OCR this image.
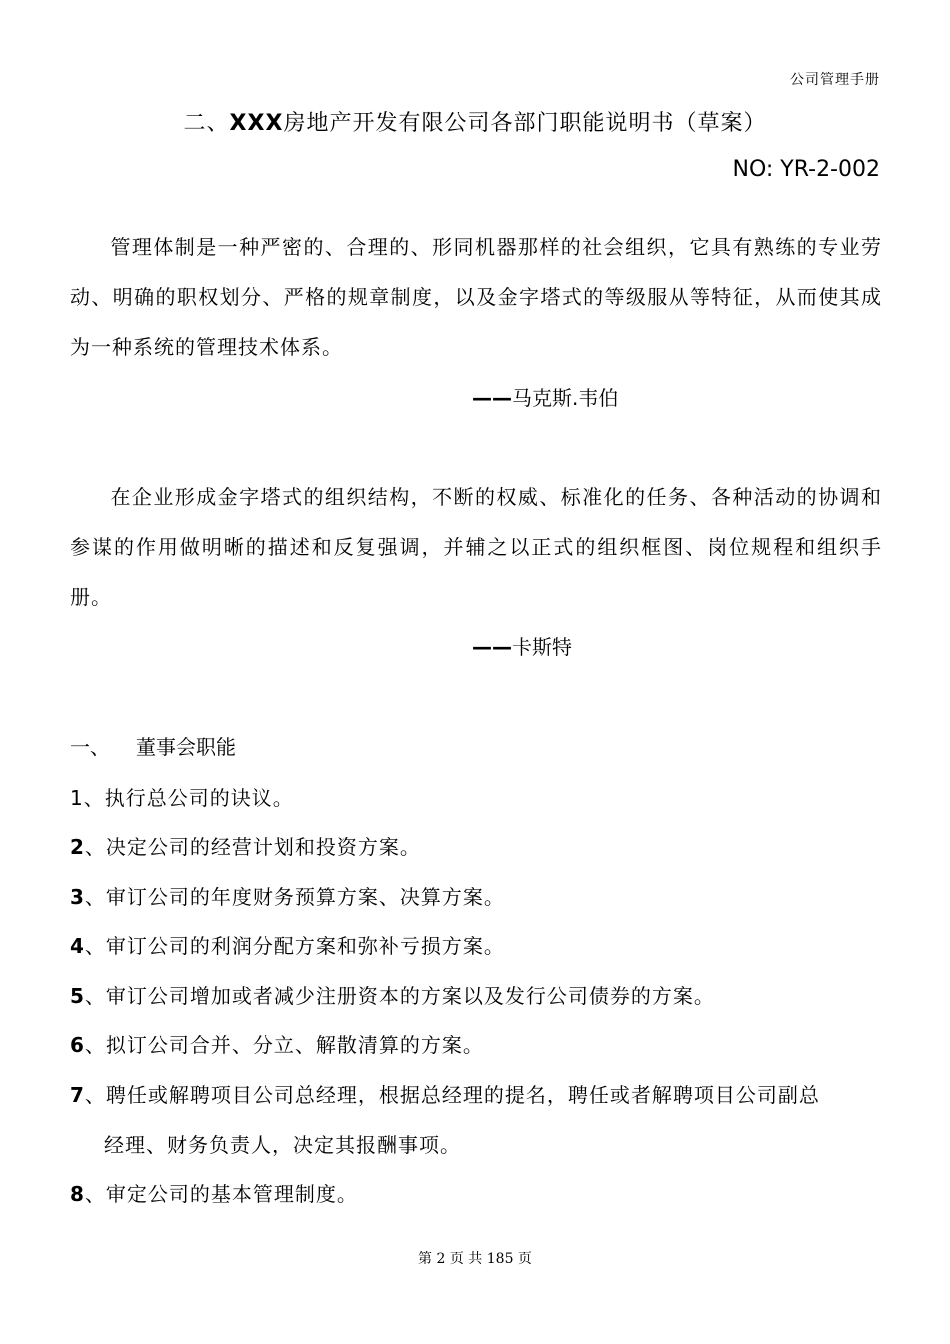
公司管理手册
二、XXX房地产开发有限公司各部门职能说明书（草案）
NO: YR-2-002
管理体制是一种严密的、合理的、形同机器那样的社会组织，它具有熟练的专业劳动、明确的职权划分、严格的规章制度，以及金字塔式的等级服从等特征，从而使其成为一种系统的管理技术体系。
——马克斯.韦伯
在企业形成金字塔式的组织结构，不断的权威、标准化的任务、各种活动的协调和参谋的作用做明晰的描述和反复强调，并辅之以正式的组织框图、岗位规程和组织手册。
——卡斯特
一、 董事会职能
1、执行总公司的诀议。
2、决定公司的经营计划和投资方案。
3、审订公司的年度财务预算方案、决算方案。
4、审订公司的利润分配方案和弥补亏损方案。
5、审订公司增加或者减少注册资本的方案以及发行公司债券的方案。
6、拟订公司合并、分立、解散清算的方案。
7、聘任或解聘项目公司总经理，根据总经理的提名，聘任或者解聘项目公司副总
经理、财务负责人，决定其报酬事项。
8、审定公司的基本管理制度。
第 2 页 共 185 页
